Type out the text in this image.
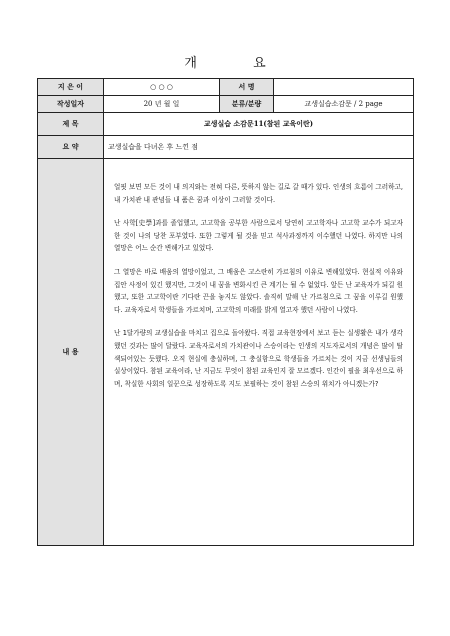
개 요
지 은 이	○ ○ ○	서 명	
작성일자	20 년 월 일	분류/분량	교생실습소감문 / 2 page
제 목	교생실습 소감문11(참된 교육이란)		
요 약	교생실습을 다녀온 후 느낀 점		
내 용	얼핏 보면 모든 것이 내 의지와는 전혀 다른, 뜻하지 않는 길로 갈 때가 있다. 인생의 흐름이 그러하고, 내 가치관 내 관념들 내 품은 꿈과 이상이 그러할 것이다.

난 사학[史學]과를 졸업했고, 고고학을 공부한 사람으로서 당연히 고고학자나 고고학 교수가 되고자 한 것이 나의 당찬 포부였다. 또한 그렇게 될 것을 믿고 석사과정까지 이수했던 나였다. 하지만 나의 열망은 어느 순간 변해가고 있었다.

그 열망은 바로 배움의 열망이었고, 그 배움은 고스란히 가르침의 이유로 변해있었다. 현실적 이유와 집안 사정이 있긴 했지만, 그것이 내 꿈을 변화시킨 큰 계기는 될 수 없었다. 앞든 난 교육자가 되길 원했고, 또한 고고학이란 기다란 끈을 놓지도 않았다. 솔직히 말해 난 가르침으로 그 꿈을 이루길 원했다. 교육자로서 학생들을 가르치며, 고고학의 미래를 밝게 열고자 했던 사람이 나였다.

난 1달가량의 교생실습을 마치고 집으로 돌아왔다. 직접 교육현장에서 보고 듣는 실생활은 내가 생각했던 것과는 많이 달랐다. 교육자로서의 가치관이나 스승이라는 인생의 지도자로서의 개념은 많이 탈색되어있는 듯했다. 오직 현실에 충실하며, 그 충실함으로 학생들을 가르치는 것이 지금 선생님들의 실상이었다. 참된 교육이라, 난 지금도 무엇이 참된 교육인지 잘 모르겠다. 인간이 필을 최우선으로 하며, 착실한 사회의 일꾼으로 성장하도록 지도 보필하는 것이 참된 스승의 위치가 아니겠는가?		
